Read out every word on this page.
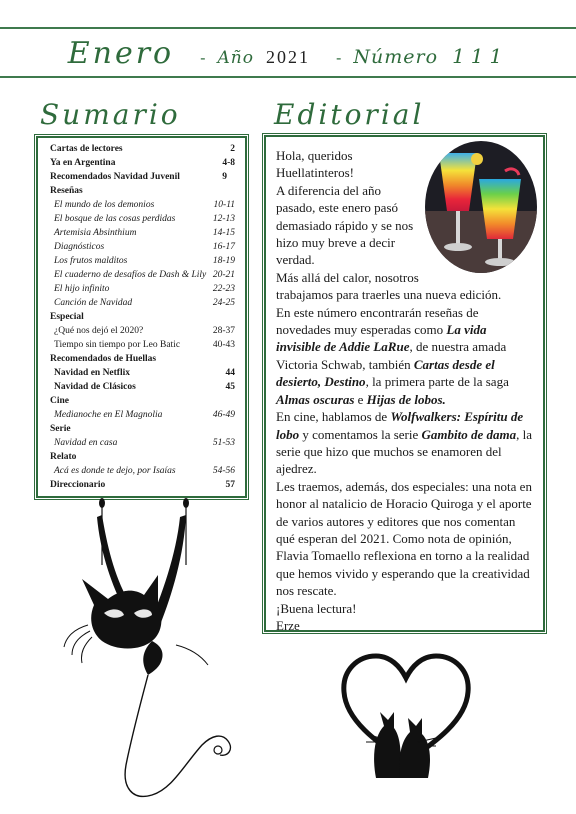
Enero - Año 2021 - Número 111
Sumario	Editorial
Cartas de lectores	2
Ya en Argentina	4-8
Recomendados Navidad Juvenil	9
Reseñas
El mundo de los demonios	10-11
El bosque de las cosas perdidas	12-13
Artemisia Absinthium	14-15
Diagnósticos	16-17
Los frutos malditos	18-19
El cuaderno de desafíos de Dash & Lily 20-21
El hijo infinito	22-23
Canción de Navidad	24-25
Especial
¿Qué nos dejó el 2020?	28-37
Tiempo sin tiempo por Leo Batic	40-43
Recomendados de Huellas
Navidad en Netflix	44
Navidad de Clásicos	45
Cine
Medianoche en El Magnolia	46-49
Serie
Navidad en casa	51-53
Relato
Acá es donde te dejo, por Isaías	54-56
Direccionario	57

Hola, queridos Huellatinteros!
A diferencia del año pasado, este enero pasó demasiado rápido y se nos hizo muy breve a decir verdad.

Más allá del calor, nosotros trabajamos para traerles una nueva edición.

En este número encontrarán reseñas de novedades muy esperadas como La vida invisible de Addie LaRue, de nuestra amada Victoria Schwab, también Cartas desde el desierto, Destino, la primera parte de la saga Almas oscuras e Hijas de lobos.

En cine, hablamos de Wolfwalkers: Espíritu de lobo y comentamos la serie Gambito de dama, la serie que hizo que muchos se enamoren del ajedrez.

Les traemos, además, dos especiales: una nota en honor al natalicio de Horacio Quiroga y el aporte de varios autores y editores que nos comentan qué esperan del 2021. Como nota de opinión, Flavia Tomaello reflexiona en torno a la realidad que hemos vivido y esperando que la creatividad nos rescate.

¡Buena lectura!

Erze
